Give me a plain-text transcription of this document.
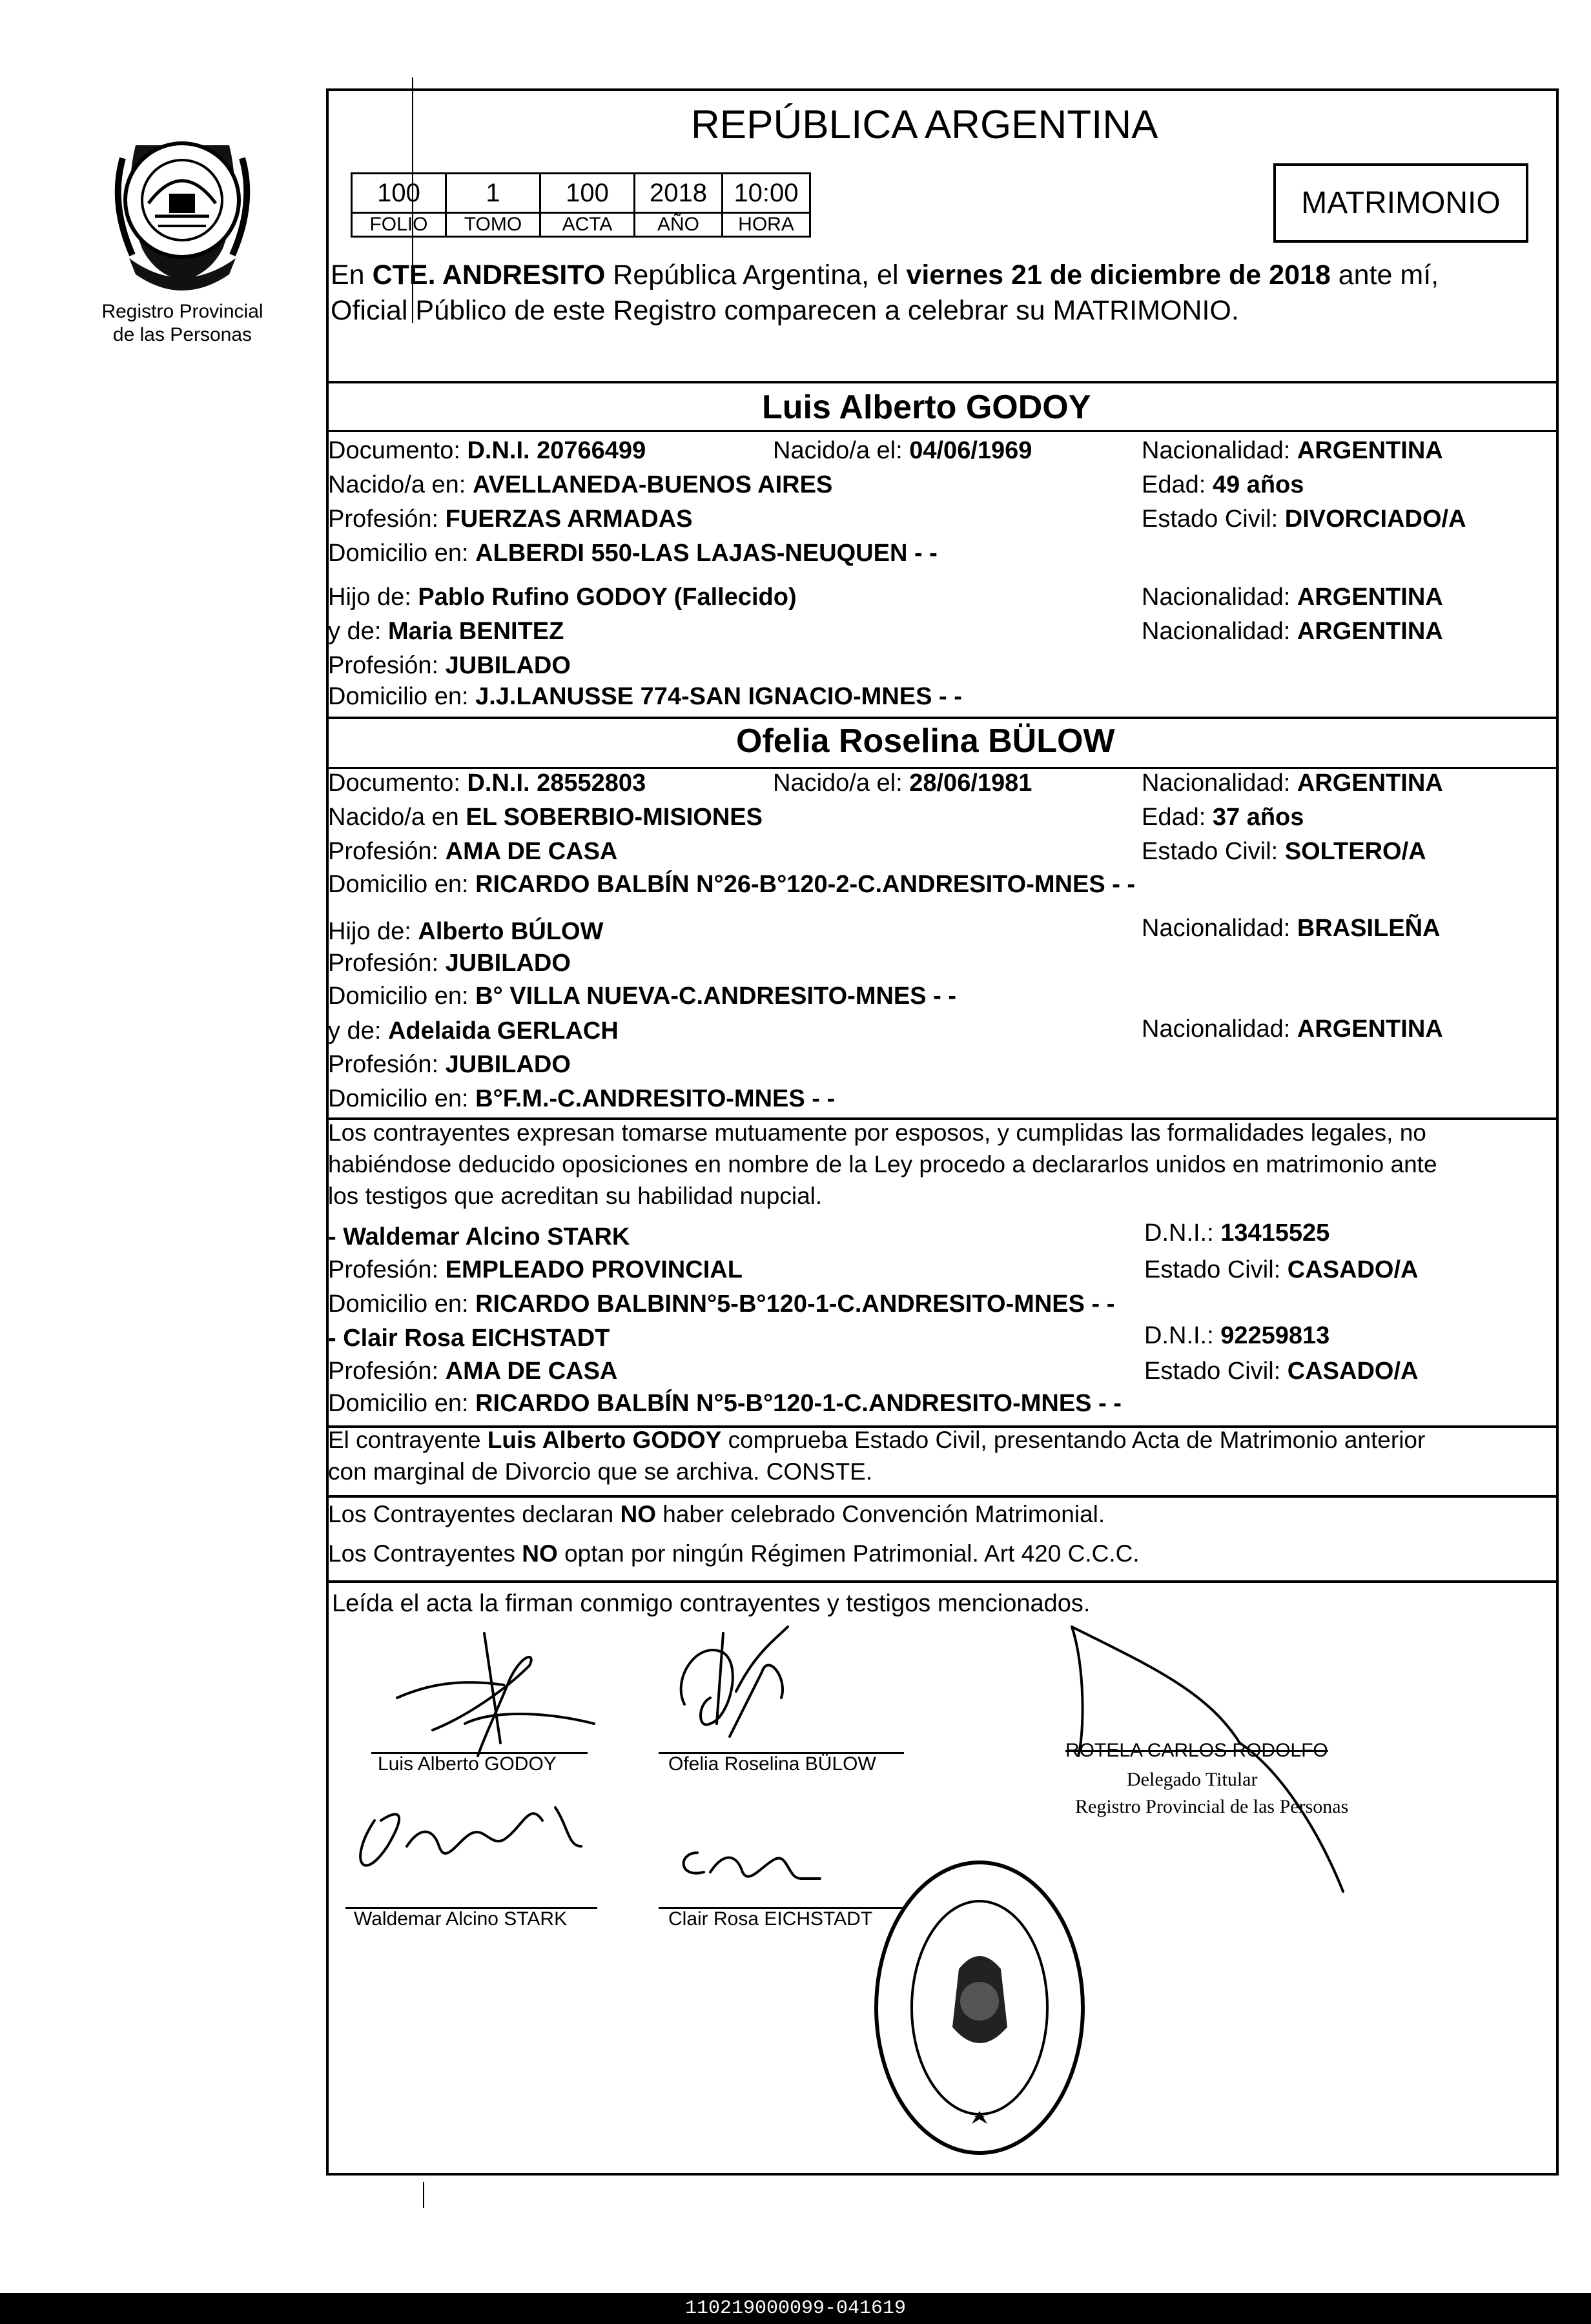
Registro Provincial
de las Personas
REPÚBLICA ARGENTINA
100	1	100	2018	10:00
FOLIO	TOMO	ACTA	AÑO	HORA
MATRIMONIO
En CTE. ANDRESITO República Argentina, el viernes 21 de diciembre de 2018 ante mí,
Oficial Público de este Registro comparecen a celebrar su MATRIMONIO.
Luis Alberto GODOY
Documento: D.N.I. 20766499	Nacido/a el: 04/06/1969	Nacionalidad: ARGENTINA
Nacido/a en: AVELLANEDA-BUENOS AIRES	Edad: 49 años
Profesión: FUERZAS ARMADAS	Estado Civil: DIVORCIADO/A
Domicilio en: ALBERDI 550-LAS LAJAS-NEUQUEN - -
Hijo de: Pablo Rufino GODOY (Fallecido)	Nacionalidad: ARGENTINA
y de: Maria BENITEZ	Nacionalidad: ARGENTINA
Profesión: JUBILADO
Domicilio en: J.J.LANUSSE 774-SAN IGNACIO-MNES - -
Ofelia Roselina BÜLOW
Documento: D.N.I. 28552803	Nacido/a el: 28/06/1981	Nacionalidad: ARGENTINA
Nacido/a en EL SOBERBIO-MISIONES	Edad: 37 años
Profesión: AMA DE CASA	Estado Civil: SOLTERO/A
Domicilio en: RICARDO BALBÍN N°26-B°120-2-C.ANDRESITO-MNES - -
Hijo de: Alberto BÚLOW	Nacionalidad: BRASILEÑA
Profesión: JUBILADO
Domicilio en: B° VILLA NUEVA-C.ANDRESITO-MNES - -
y de: Adelaida GERLACH	Nacionalidad: ARGENTINA
Profesión: JUBILADO
Domicilio en: B°F.M.-C.ANDRESITO-MNES - -
Los contrayentes expresan tomarse mutuamente por esposos, y cumplidas las formalidades legales, no
habiéndose deducido oposiciones en nombre de la Ley procedo a declararlos unidos en matrimonio ante
los testigos que acreditan su habilidad nupcial.
- Waldemar Alcino STARK	D.N.I.: 13415525
Profesión: EMPLEADO PROVINCIAL	Estado Civil: CASADO/A
Domicilio en: RICARDO BALBINN°5-B°120-1-C.ANDRESITO-MNES - -
- Clair Rosa EICHSTADT	D.N.I.: 92259813
Profesión: AMA DE CASA	Estado Civil: CASADO/A
Domicilio en: RICARDO BALBÍN N°5-B°120-1-C.ANDRESITO-MNES - -
El contrayente Luis Alberto GODOY comprueba Estado Civil, presentando Acta de Matrimonio anterior
con marginal de Divorcio que se archiva. CONSTE.
Los Contrayentes declaran NO haber celebrado Convención Matrimonial.
Los Contrayentes NO optan por ningún Régimen Patrimonial. Art 420 C.C.C.
Leída el acta la firman conmigo contrayentes y testigos mencionados.
Luis Alberto GODOY	Ofelia Roselina BÜLOW
ROTELA CARLOS RODOLFO
Delegado Titular
Registro Provincial de las Personas
Waldemar Alcino STARK	Clair Rosa EICHSTADT
110219000099-041619
